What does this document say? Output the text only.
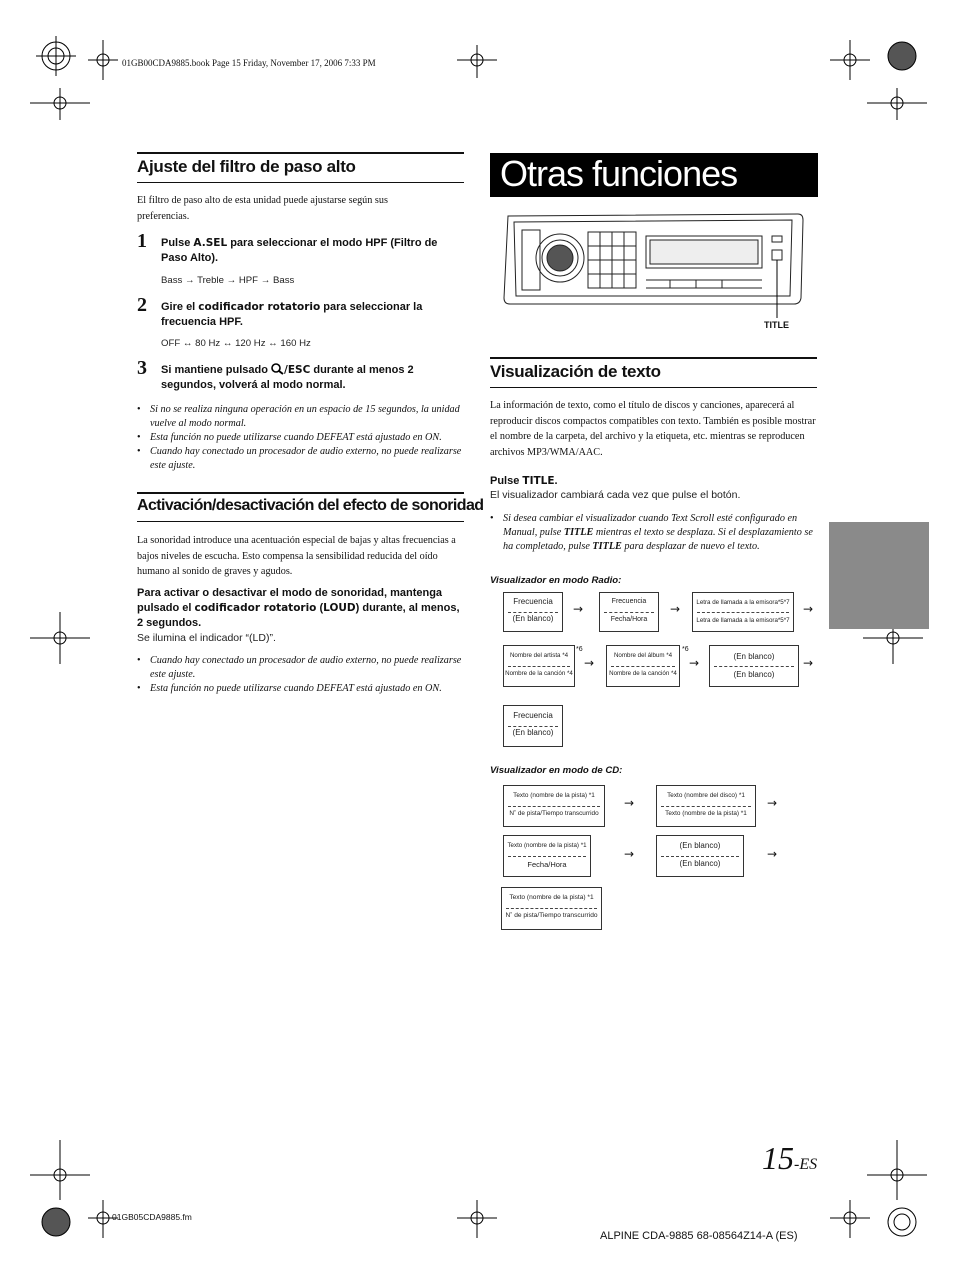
01GB00CDA9885.book Page 15 Friday, November 17, 2006 7:33 PM
Ajuste del filtro de paso alto
El filtro de paso alto de esta unidad puede ajustarse según sus preferencias.
1 Pulse A.SEL para seleccionar el modo HPF (Filtro de Paso Alto).
Bass → Treble → HPF → Bass
2 Gire el codificador rotatorio para seleccionar la frecuencia HPF.
OFF ↔ 80 Hz ↔ 120 Hz ↔ 160 Hz
3 Si mantiene pulsado /ESC durante al menos 2 segundos, volverá al modo normal.
• Si no se realiza ninguna operación en un espacio de 15 segundos, la unidad vuelve al modo normal.
• Esta función no puede utilizarse cuando DEFEAT está ajustado en ON.
• Cuando hay conectado un procesador de audio externo, no puede realizarse este ajuste.
Activación/desactivación del efecto de sonoridad
La sonoridad introduce una acentuación especial de bajas y altas frecuencias a bajos niveles de escucha. Esto compensa la sensibilidad reducida del oído humano al sonido de graves y agudos.
Para activar o desactivar el modo de sonoridad, mantenga pulsado el codificador rotatorio (LOUD) durante, al menos, 2 segundos.
Se ilumina el indicador “(LD)”.
• Cuando hay conectado un procesador de audio externo, no puede realizarse este ajuste.
• Esta función no puede utilizarse cuando DEFEAT está ajustado en ON.
Otras funciones
TITLE
Visualización de texto
La información de texto, como el título de discos y canciones, aparecerá al reproducir discos compactos compatibles con texto. También es posible mostrar el nombre de la carpeta, del archivo y la etiqueta, etc. mientras se reproducen archivos MP3/WMA/AAC.
Pulse TITLE.
El visualizador cambiará cada vez que pulse el botón.
• Si desea cambiar el visualizador cuando Text Scroll esté configurado en Manual, pulse TITLE mientras el texto se desplaza. Si el desplazamiento se ha completado, pulse TITLE para desplazar de nuevo el texto.
Visualizador en modo Radio:
Frecuencia
(En blanco)
→
Frecuencia
Fecha/Hora
→	Letra de llamada a la emisora*5*7
Letra de llamada a la emisora*5*7
→
Nombre del artista *4
Nombre de la canción *4
*6
→
Nombre del álbum *4
Nombre de la canción *4
*6
→	(En blanco)
(En blanco)
→
Frecuencia
(En blanco)
Visualizador en modo de CD:
Texto (nombre de la pista) *1
N˚ de pista/Tiempo transcurrido
→
Texto (nombre del disco) *1
Texto (nombre de la pista) *1
→
Texto (nombre de la pista) *1
Fecha/Hora
→
(En blanco)
(En blanco)
→
Texto (nombre de la pista) *1
N˚ de pista/Tiempo transcurrido
15-ES
01GB05CDA9885.fm
ALPINE CDA-9885 68-08564Z14-A (ES)
